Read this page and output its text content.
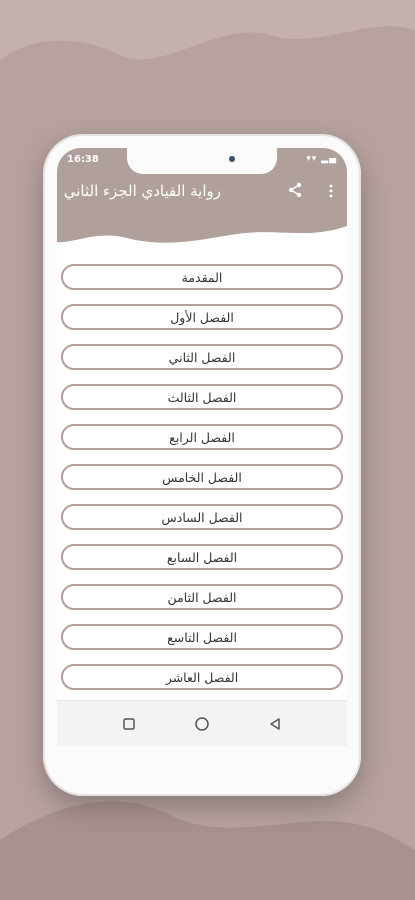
16:38	▾▾ ▂▄
رواية القيادي الجزء الثاني
المقدمة
الفصل الأول
الفصل الثاني
الفصل الثالث
الفصل الرابع
الفصل الخامس
الفصل السادس
الفصل السابع
الفصل الثامن
الفصل التاسع
الفصل العاشر
